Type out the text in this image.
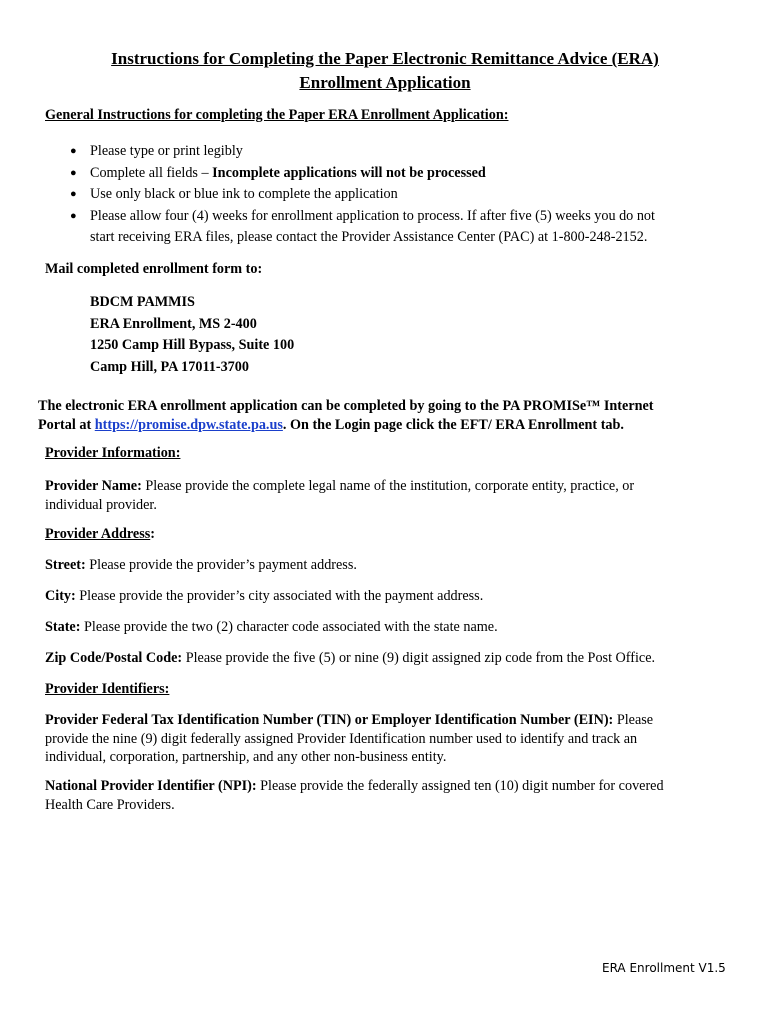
Instructions for Completing the Paper Electronic Remittance Advice (ERA)
Enrollment Application

General Instructions for completing the Paper ERA Enrollment Application:

● Please type or print legibly
● Complete all fields – Incomplete applications will not be processed
● Use only black or blue ink to complete the application
● Please allow four (4) weeks for enrollment application to process. If after five (5) weeks you do not
start receiving ERA files, please contact the Provider Assistance Center (PAC) at 1-800-248-2152.

Mail completed enrollment form to:

BDCM PAMMIS

ERA Enrollment, MS 2-400

1250 Camp Hill Bypass, Suite 100

Camp Hill, PA 17011-3700

The electronic ERA enrollment application can be completed by going to the PA PROMISe™ Internet
Portal at https://promise.dpw.state.pa.us. On the Login page click the EFT/ ERA Enrollment tab.

Provider Information:

Provider Name: Please provide the complete legal name of the institution, corporate entity, practice, or
individual provider.

Provider Address:

Street: Please provide the provider’s payment address.

City: Please provide the provider’s city associated with the payment address.

State: Please provide the two (2) character code associated with the state name.

Zip Code/Postal Code: Please provide the five (5) or nine (9) digit assigned zip code from the Post Office.

Provider Identifiers:

Provider Federal Tax Identification Number (TIN) or Employer Identification Number (EIN): Please
provide the nine (9) digit federally assigned Provider Identification number used to identify and track an
individual, corporation, partnership, and any other non-business entity.
National Provider Identifier (NPI): Please provide the federally assigned ten (10) digit number for covered
Health Care Providers.
ERA Enrollment V1.5
